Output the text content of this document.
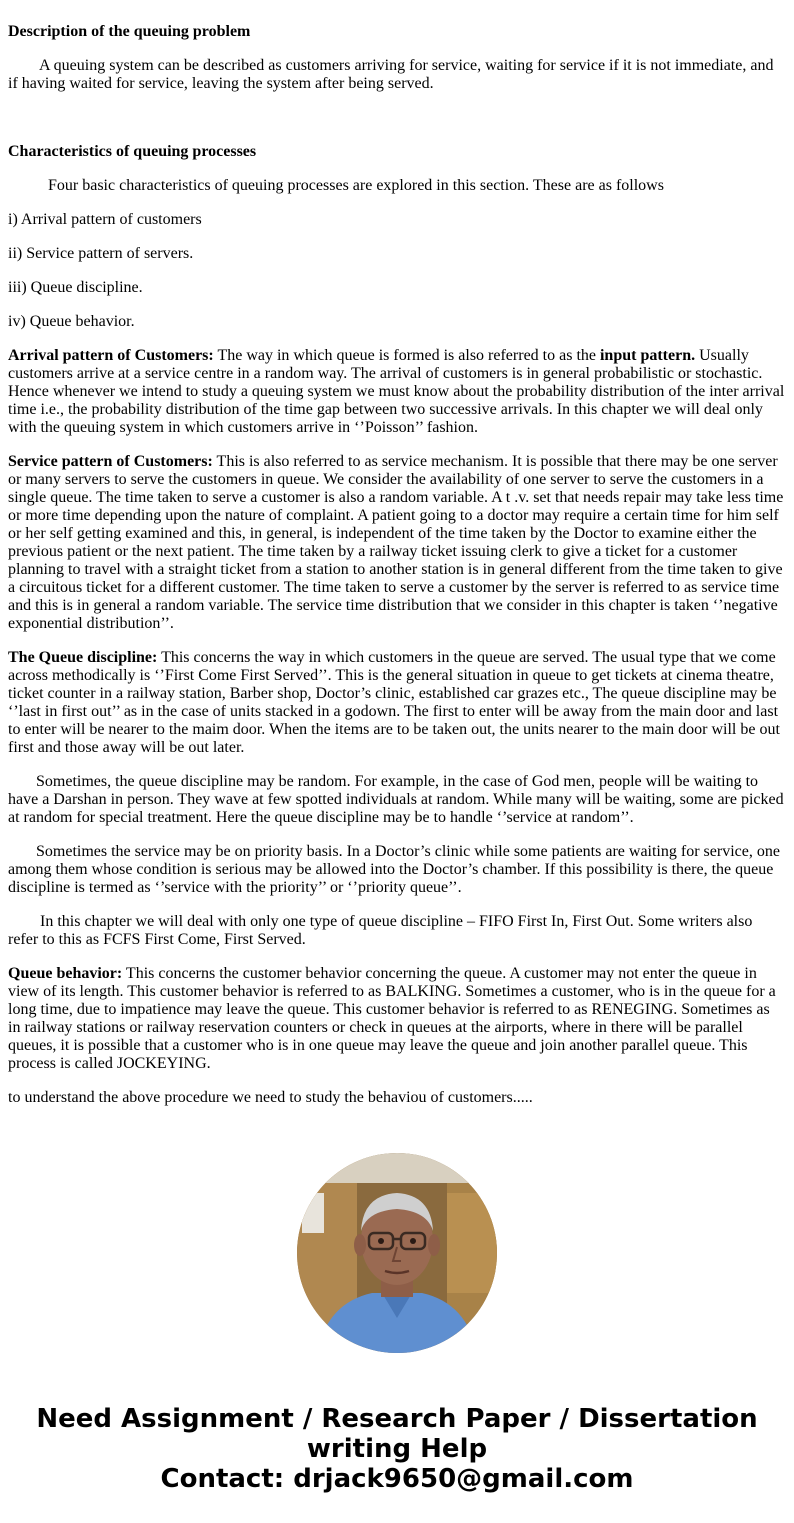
Description of the queuing problem

A queuing system can be described as customers arriving for service, waiting for service if it is not immediate, and if having waited for service, leaving the system after being served.

Characteristics of queuing processes

Four basic characteristics of queuing processes are explored in this section. These are as follows

i) Arrival pattern of customers

ii) Service pattern of servers.

iii) Queue discipline.

iv) Queue behavior.

Arrival pattern of Customers: The way in which queue is formed is also referred to as the input pattern. Usually customers arrive at a service centre in a random way. The arrival of customers is in general probabilistic or stochastic. Hence whenever we intend to study a queuing system we must know about the probability distribution of the inter arrival time i.e., the probability distribution of the time gap between two successive arrivals. In this chapter we will deal only with the queuing system in which customers arrive in ‘’Poisson’’ fashion.

Service pattern of Customers: This is also referred to as service mechanism. It is possible that there may be one server or many servers to serve the customers in queue. We consider the availability of one server to serve the customers in a single queue. The time taken to serve a customer is also a random variable. A t .v. set that needs repair may take less time or more time depending upon the nature of complaint. A patient going to a doctor may require a certain time for him self or her self getting examined and this, in general, is independent of the time taken by the Doctor to examine either the previous patient or the next patient. The time taken by a railway ticket issuing clerk to give a ticket for a customer planning to travel with a straight ticket from a station to another station is in general different from the time taken to give a circuitous ticket for a different customer. The time taken to serve a customer by the server is referred to as service time and this is in general a random variable. The service time distribution that we consider in this chapter is taken ‘’negative exponential distribution’’.

The Queue discipline: This concerns the way in which customers in the queue are served. The usual type that we come across methodically is ‘’First Come First Served’’. This is the general situation in queue to get tickets at cinema theatre, ticket counter in a railway station, Barber shop, Doctor’s clinic, established car grazes etc., The queue discipline may be ‘’last in first out’’ as in the case of units stacked in a godown. The first to enter will be away from the main door and last to enter will be nearer to the maim door. When the items are to be taken out, the units nearer to the main door will be out first and those away will be out later.

Sometimes, the queue discipline may be random. For example, in the case of God men, people will be waiting to have a Darshan in person. They wave at few spotted individuals at random. While many will be waiting, some are picked at random for special treatment. Here the queue discipline may be to handle ‘’service at random’’.

Sometimes the service may be on priority basis. In a Doctor’s clinic while some patients are waiting for service, one among them whose condition is serious may be allowed into the Doctor’s chamber. If this possibility is there, the queue discipline is termed as ‘’service with the priority’’ or ‘’priority queue’’.

In this chapter we will deal with only one type of queue discipline – FIFO First In, First Out. Some writers also refer to this as FCFS First Come, First Served.

Queue behavior: This concerns the customer behavior concerning the queue. A customer may not enter the queue in view of its length. This customer behavior is referred to as BALKING. Sometimes a customer, who is in the queue for a long time, due to impatience may leave the queue. This customer behavior is referred to as RENEGING. Sometimes as in railway stations or railway reservation counters or check in queues at the airports, where in there will be parallel queues, it is possible that a customer who is in one queue may leave the queue and join another parallel queue. This process is called JOCKEYING.

to understand the above procedure we need to study the behaviou of customers.....

Need Assignment / Research Paper / Dissertation
writing Help
Contact: drjack9650@gmail.com
